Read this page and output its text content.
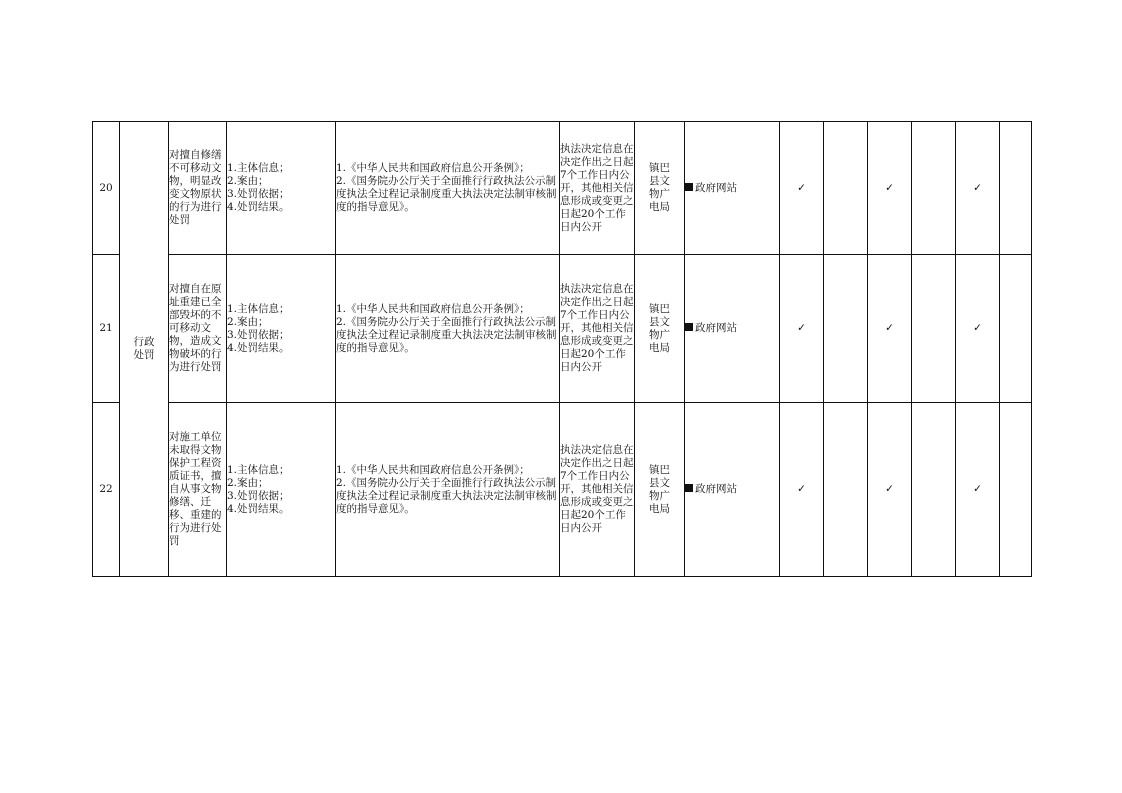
20	行政处罚	对擅自修缮不可移动文物，明显改变文物原状的行为进行处罚	1.主体信息；
2.案由；
3.处罚依据；
4.处罚结果。	1.《中华人民共和国政府信息公开条例》；
2.《国务院办公厅关于全面推行行政执法公示制度执法全过程记录制度重大执法决定法制审核制度的指导意见》。	执法决定信息在决定作出之日起7个工作日内公开，其他相关信息形成或变更之日起20个工作日内公开	镇巴县文物广电局	政府网站	✓		✓		✓	
21		对擅自在原址重建已全部毁坏的不可移动文物，造成文物破坏的行为进行处罚	1.主体信息；
2.案由；
3.处罚依据；
4.处罚结果。	1.《中华人民共和国政府信息公开条例》；
2.《国务院办公厅关于全面推行行政执法公示制度执法全过程记录制度重大执法决定法制审核制度的指导意见》。	执法决定信息在决定作出之日起7个工作日内公开，其他相关信息形成或变更之日起20个工作日内公开	镇巴县文物广电局	政府网站	✓		✓		✓	
22		对施工单位未取得文物保护工程资质证书，擅自从事文物修缮、迁移、重建的行为进行处罚	1.主体信息；
2.案由；
3.处罚依据；
4.处罚结果。	1.《中华人民共和国政府信息公开条例》；
2.《国务院办公厅关于全面推行行政执法公示制度执法全过程记录制度重大执法决定法制审核制度的指导意见》。	执法决定信息在决定作出之日起7个工作日内公开，其他相关信息形成或变更之日起20个工作日内公开	镇巴县文物广电局	政府网站	✓		✓		✓	
